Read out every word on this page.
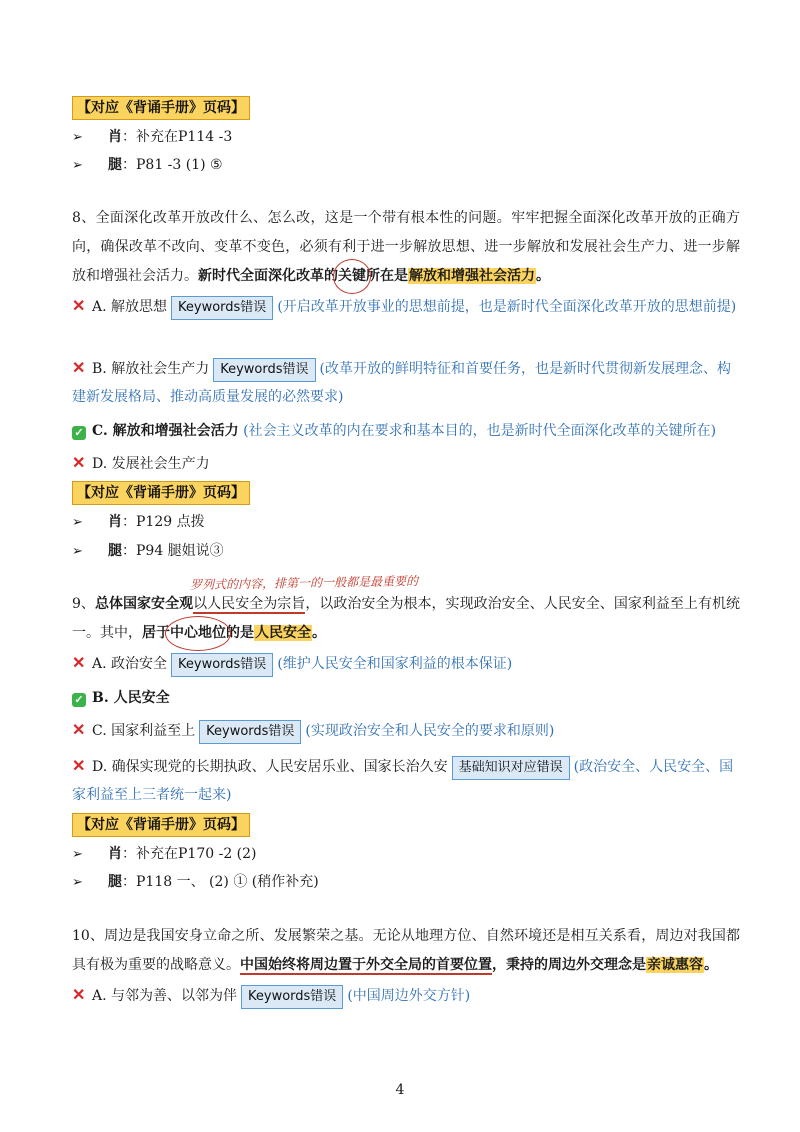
【对应《背诵手册》页码】
➢ 肖：补充在P114 -3
➢ 腿：P81 -3 (1) ⑤
8、全面深化改革开放改什么、怎么改，这是一个带有根本性的问题。牢牢把握全面深化改革开放的正确方向，确保改革不改向、变革不变色，必须有利于进一步解放思想、进一步解放和发展社会生产力、进一步解放和增强社会活力。新时代全面深化改革的关键所在是解放和增强社会活力。
✕ A. 解放思想 Keywords错误 (开启改革开放事业的思想前提，也是新时代全面深化改革开放的思想前提)
✕ B. 解放社会生产力 Keywords错误 (改革开放的鲜明特征和首要任务，也是新时代贯彻新发展理念、构建新发展格局、推动高质量发展的必然要求)
✓ C. 解放和增强社会活力 (社会主义改革的内在要求和基本目的，也是新时代全面深化改革的关键所在)
✕ D. 发展社会生产力
【对应《背诵手册》页码】
➢ 肖：P129 点拨
➢ 腿：P94 腿姐说③
罗列式的内容，排第一的一般都是最重要的
9、总体国家安全观以人民安全为宗旨，以政治安全为根本，实现政治安全、人民安全、国家利益至上有机统一。其中，居于中心地位的是人民安全。
✕ A. 政治安全 Keywords错误 (维护人民安全和国家利益的根本保证)
✓ B. 人民安全
✕ C. 国家利益至上 Keywords错误 (实现政治安全和人民安全的要求和原则)
✕ D. 确保实现党的长期执政、人民安居乐业、国家长治久安 基础知识对应错误 (政治安全、人民安全、国家利益至上三者统一起来)
【对应《背诵手册》页码】
➢ 肖：补充在P170 -2 (2)
➢ 腿：P118 一、 (2) ① (稍作补充)
10、周边是我国安身立命之所、发展繁荣之基。无论从地理方位、自然环境还是相互关系看，周边对我国都具有极为重要的战略意义。中国始终将周边置于外交全局的首要位置，秉持的周边外交理念是亲诚惠容。
✕ A. 与邻为善、以邻为伴 Keywords错误 (中国周边外交方针)
4
